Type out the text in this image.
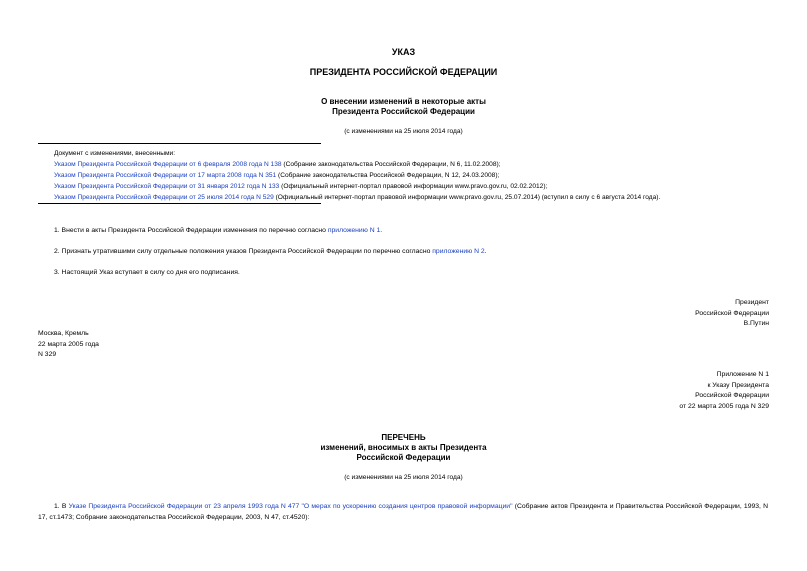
УКАЗ
ПРЕЗИДЕНТА РОССИЙСКОЙ ФЕДЕРАЦИИ
О внесении изменений в некоторые акты
Президента Российской Федерации
(с изменениями на 25 июля 2014 года)
Документ с изменениями, внесенными:
Указом Президента Российской Федерации от 6 февраля 2008 года N 138 (Собрание законодательства Российской Федерации, N 6, 11.02.2008);
Указом Президента Российской Федерации от 17 марта 2008 года N 351 (Собрание законодательства Российской Федерации, N 12, 24.03.2008);
Указом Президента Российской Федерации от 31 января 2012 года N 133 (Официальный интернет-портал правовой информации www.pravo.gov.ru, 02.02.2012);
Указом Президента Российской Федерации от 25 июля 2014 года N 529 (Официальный интернет-портал правовой информации www.pravo.gov.ru, 25.07.2014) (вступил в силу с 6 августа 2014 года).
1. Внести в акты Президента Российской Федерации изменения по перечню согласно приложению N 1.
2. Признать утратившими силу отдельные положения указов Президента Российской Федерации по перечню согласно приложению N 2.
3. Настоящий Указ вступает в силу со дня его подписания.
Президент
Российской Федерации
В.Путин
Москва, Кремль
22 марта 2005 года
N 329
Приложение N 1
к Указу Президента
Российской Федерации
от 22 марта 2005 года N 329
ПЕРЕЧЕНЬ
изменений, вносимых в акты Президента
Российской Федерации
(с изменениями на 25 июля 2014 года)
1. В Указе Президента Российской Федерации от 23 апреля 1993 года N 477 "О мерах по ускорению создания центров правовой информации" (Собрание актов Президента и Правительства Российской Федерации, 1993, N 17, ст.1473; Собрание законодательства Российской Федерации, 2003, N 47, ст.4520):
